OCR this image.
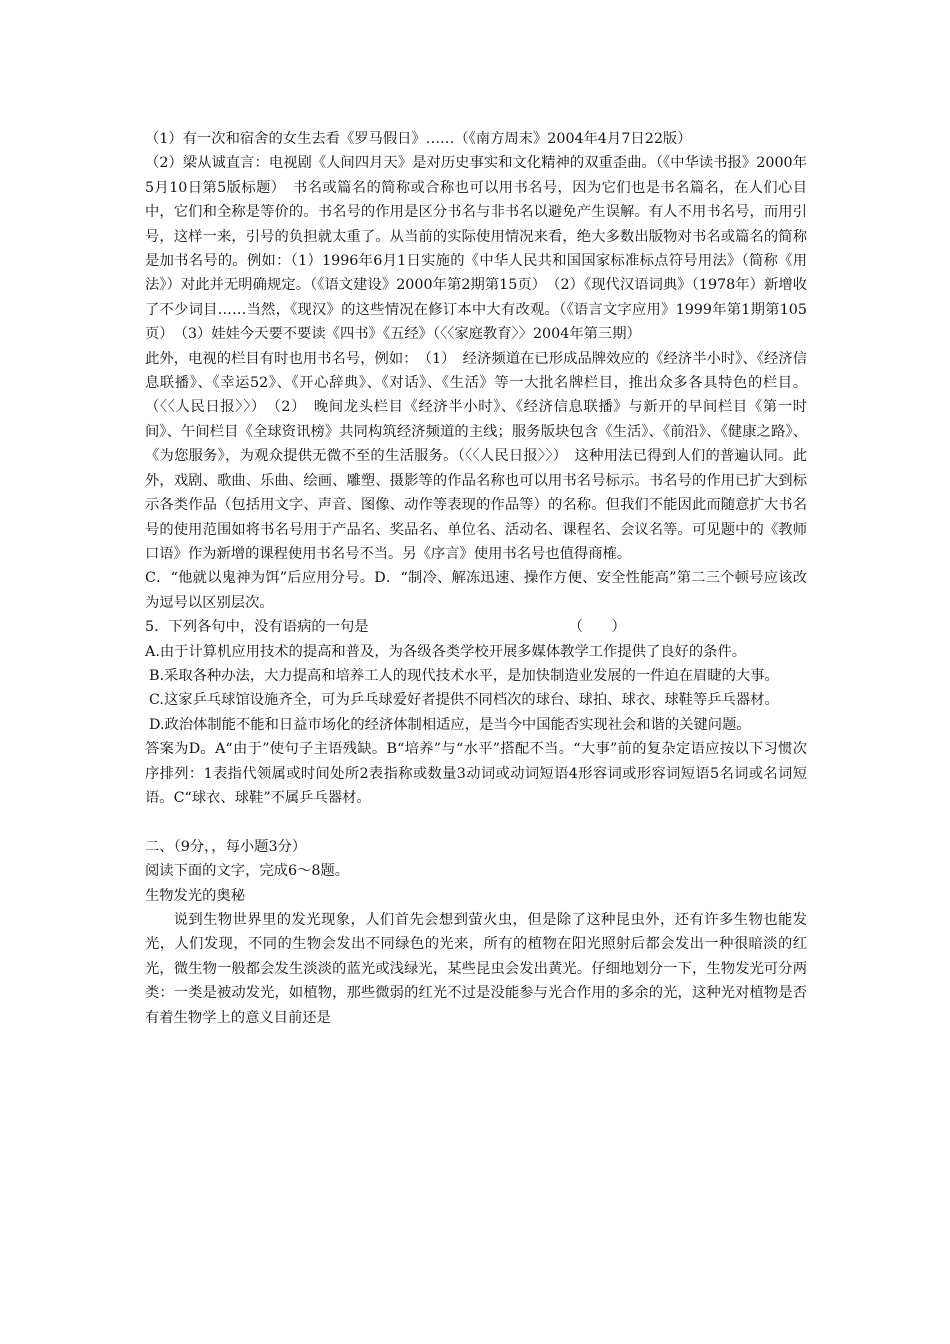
（1）有一次和宿舍的女生去看《罗马假日》……（《南方周末》2004年4月7日22版）

（2）梁从诚直言：电视剧《人间四月天》是对历史事实和文化精神的双重歪曲。（《中华读书报》2000年5月10日第5版标题）　书名或篇名的简称或合称也可以用书名号，因为它们也是书名篇名，在人们心目中，它们和全称是等价的。书名号的作用是区分书名与非书名以避免产生误解。有人不用书名号，而用引号，这样一来，引号的负担就太重了。从当前的实际使用情况来看，绝大多数出版物对书名或篇名的简称是加书名号的。例如：（1）1996年6月1日实施的《中华人民共和国国家标准标点符号用法》（简称《用法》）对此并无明确规定。（《语文建设》2000年第2期第15页）　（2）《现代汉语词典》（1978年）新增收了不少词目……当然，《现汉》的这些情况在修订本中大有改观。（《语言文字应用》1999年第1期第105页）　（3）娃娃今天要不要读《四书》《五经》（〈〈家庭教育〉〉2004年第三期）

此外，电视的栏目有时也用书名号，例如：　（1）　经济频道在已形成品牌效应的《经济半小时》、《经济信息联播》、《幸运52》、《开心辞典》、《对话》、《生活》等一大批名牌栏目，推出众多各具特色的栏目。（〈〈人民日报〉〉）　（2）　晚间龙头栏目《经济半小时》、《经济信息联播》与新开的早间栏目《第一时间》、午间栏目《全球资讯榜》共同构筑经济频道的主线；服务版块包含《生活》、《前沿》、《健康之路》、《为您服务》，为观众提供无微不至的生活服务。（〈〈人民日报〉〉）　这种用法已得到人们的普遍认同。此外，戏剧、歌曲、乐曲、绘画、雕塑、摄影等的作品名称也可以用书名号标示。书名号的作用已扩大到标示各类作品（包括用文字、声音、图像、动作等表现的作品等）的名称。但我们不能因此而随意扩大书名号的使用范围如将书名号用于产品名、奖品名、单位名、活动名、课程名、会议名等。可见题中的《教师口语》作为新增的课程使用书名号不当。另《序言》使用书名号也值得商榷。

C．“他就以鬼神为饵”后应用分号。D．“制冷、解冻迅速、操作方便、安全性能高”第二三个顿号应该改为逗号以区别层次。

5．下列各句中，没有语病的一句是	（　　）

A.由于计算机应用技术的提高和普及，为各级各类学校开展多媒体教学工作提供了良好的条件。

B.采取各种办法，大力提高和培养工人的现代技术水平，是加快制造业发展的一件迫在眉睫的大事。

C.这家乒乓球馆设施齐全，可为乒乓球爱好者提供不同档次的球台、球拍、球衣、球鞋等乒乓器材。

D.政治体制能不能和日益市场化的经济体制相适应，是当今中国能否实现社会和谐的关键问题。

答案为D。A“由于”使句子主语残缺。B“培养”与“水平”搭配不当。“大事”前的复杂定语应按以下习惯次序排列：1表指代领属或时间处所2表指称或数量3动词或动词短语4形容词或形容词短语5名词或名词短语。C“球衣、球鞋”不属乒乓器材。

二、（9分，，每小题3分）

阅读下面的文字，完成6～8题。

生物发光的奥秘

说到生物世界里的发光现象，人们首先会想到萤火虫，但是除了这种昆虫外，还有许多生物也能发光，人们发现，不同的生物会发出不同绿色的光来，所有的植物在阳光照射后都会发出一种很暗淡的红光，微生物一般都会发生淡淡的蓝光或浅绿光，某些昆虫会发出黄光。仔细地划分一下，生物发光可分两类：一类是被动发光，如植物，那些微弱的红光不过是没能参与光合作用的多余的光，这种光对植物是否有着生物学上的意义目前还是
